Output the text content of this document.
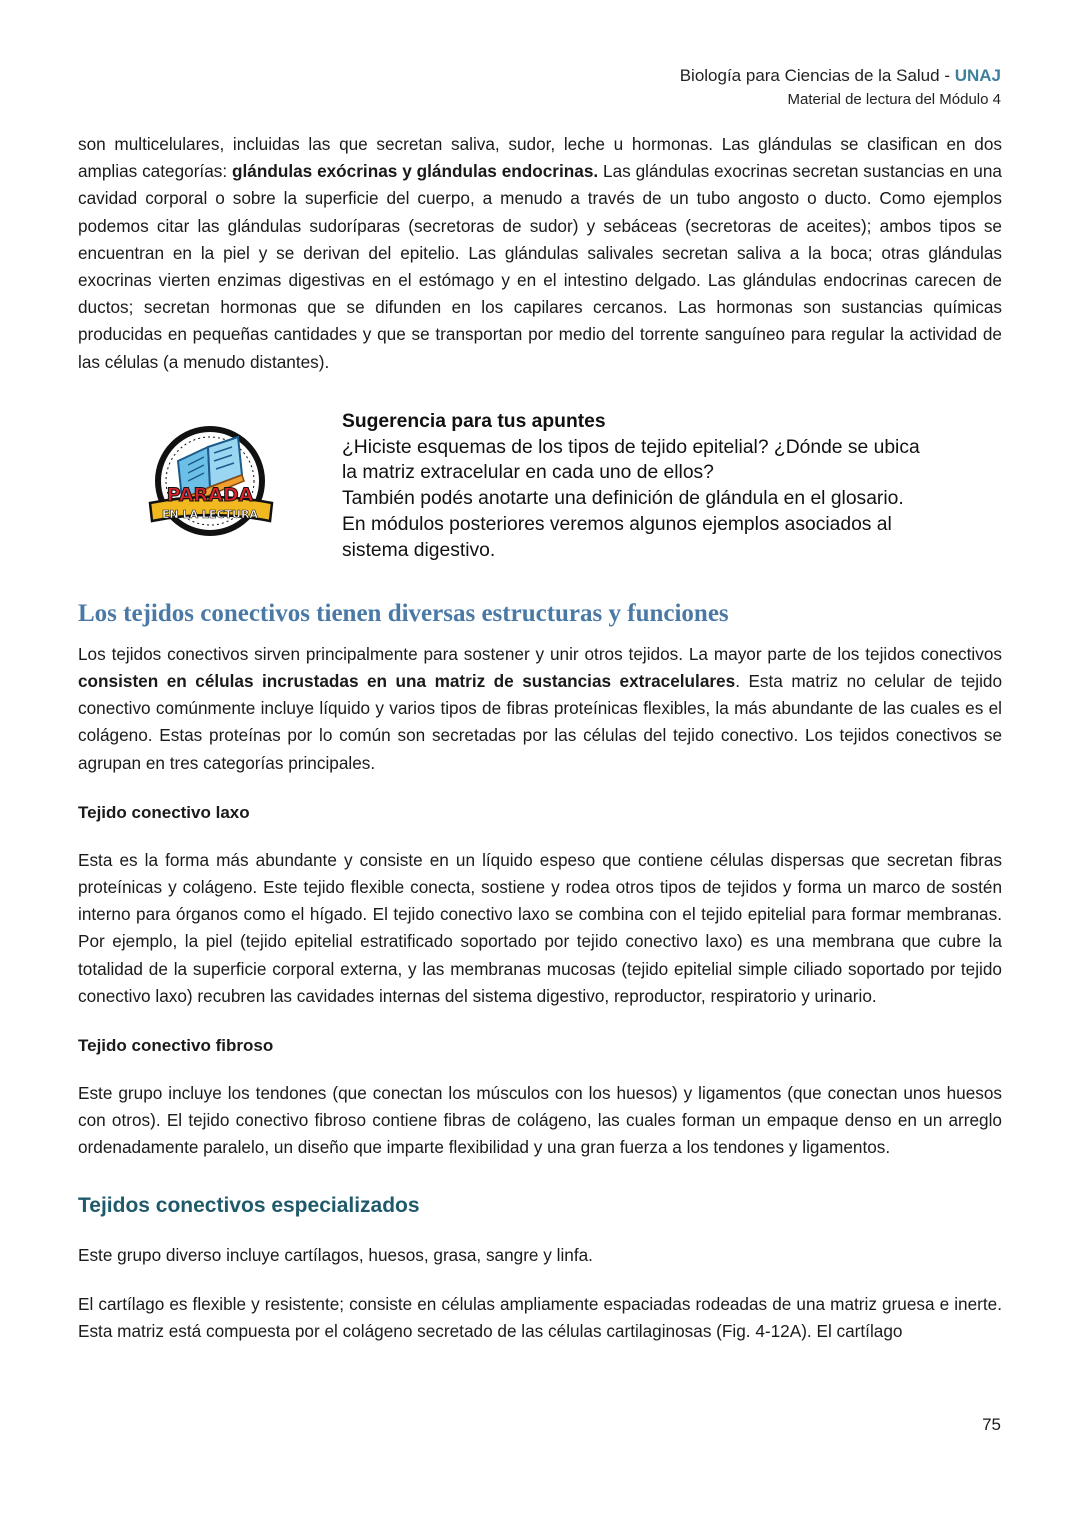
Biología para Ciencias de la Salud - UNAJ
Material de lectura del Módulo 4

son multicelulares, incluidas las que secretan saliva, sudor, leche u hormonas. Las glándulas se clasifican en dos amplias categorías: glándulas exócrinas y glándulas endocrinas. Las glándulas exocrinas secretan sustancias en una cavidad corporal o sobre la superficie del cuerpo, a menudo a través de un tubo angosto o ducto. Como ejemplos podemos citar las glándulas sudoríparas (secretoras de sudor) y sebáceas (secretoras de aceites); ambos tipos se encuentran en la piel y se derivan del epitelio. Las glándulas salivales secretan saliva a la boca; otras glándulas exocrinas vierten enzimas digestivas en el estómago y en el intestino delgado. Las glándulas endocrinas carecen de ductos; secretan hormonas que se difunden en los capilares cercanos. Las hormonas son sustancias químicas producidas en pequeñas cantidades y que se transportan por medio del torrente sanguíneo para regular la actividad de las células (a menudo distantes).

PARADA
EN LA LECTURA
Sugerencia para tus apuntes
¿Hiciste esquemas de los tipos de tejido epitelial? ¿Dónde se ubica
la matriz extracelular en cada uno de ellos?
También podés anotarte una definición de glándula en el glosario.
En módulos posteriores veremos algunos ejemplos asociados al
sistema digestivo.
Los tejidos conectivos tienen diversas estructuras y funciones

Los tejidos conectivos sirven principalmente para sostener y unir otros tejidos. La mayor parte de los tejidos conectivos consisten en células incrustadas en una matriz de sustancias extracelulares. Esta matriz no celular de tejido conectivo comúnmente incluye líquido y varios tipos de fibras proteínicas flexibles, la más abundante de las cuales es el colágeno. Estas proteínas por lo común son secretadas por las células del tejido conectivo. Los tejidos conectivos se agrupan en tres categorías principales.

Tejido conectivo laxo

Esta es la forma más abundante y consiste en un líquido espeso que contiene células dispersas que secretan fibras proteínicas y colágeno. Este tejido flexible conecta, sostiene y rodea otros tipos de tejidos y forma un marco de sostén interno para órganos como el hígado. El tejido conectivo laxo se combina con el tejido epitelial para formar membranas. Por ejemplo, la piel (tejido epitelial estratificado soportado por tejido conectivo laxo) es una membrana que cubre la totalidad de la superficie corporal externa, y las membranas mucosas (tejido epitelial simple ciliado soportado por tejido conectivo laxo) recubren las cavidades internas del sistema digestivo, reproductor, respiratorio y urinario.

Tejido conectivo fibroso

Este grupo incluye los tendones (que conectan los músculos con los huesos) y ligamentos (que conectan unos huesos con otros). El tejido conectivo fibroso contiene fibras de colágeno, las cuales forman un empaque denso en un arreglo ordenadamente paralelo, un diseño que imparte flexibilidad y una gran fuerza a los tendones y ligamentos.

Tejidos conectivos especializados

Este grupo diverso incluye cartílagos, huesos, grasa, sangre y linfa.

El cartílago es flexible y resistente; consiste en células ampliamente espaciadas rodeadas de una matriz gruesa e inerte. Esta matriz está compuesta por el colágeno secretado de las células cartilaginosas (Fig. 4-12A). El cartílago

75
